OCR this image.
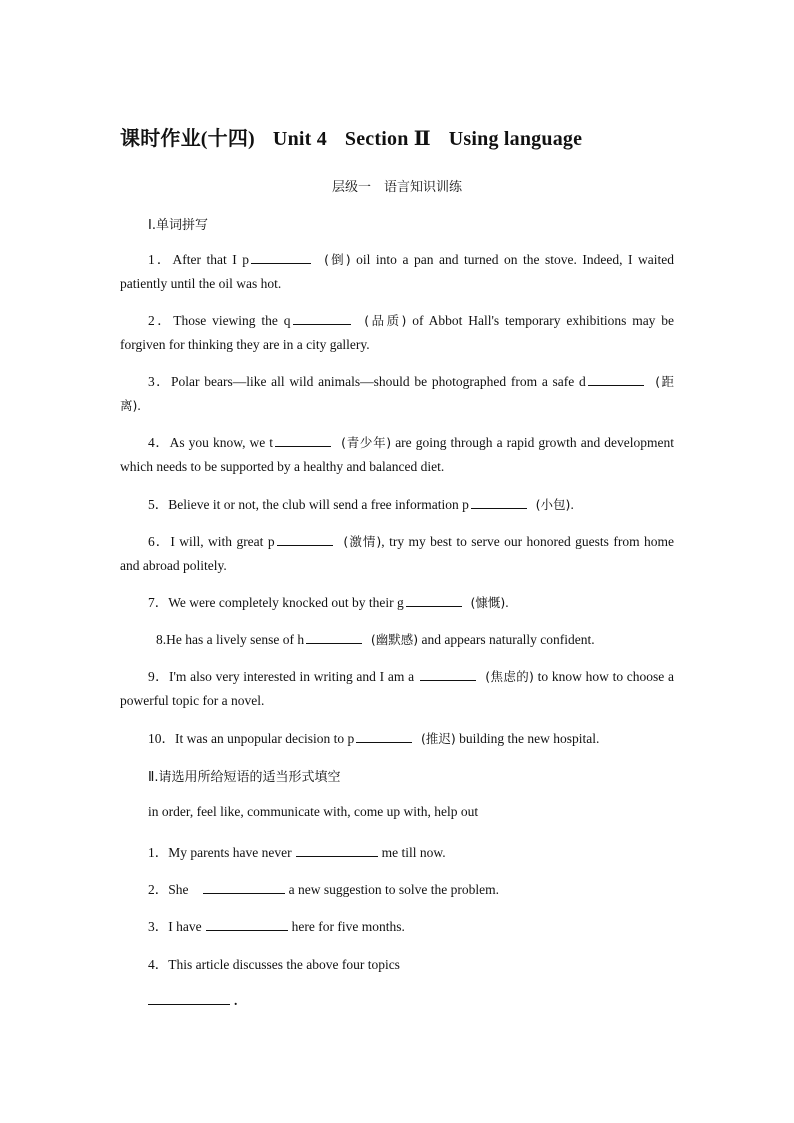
课时作业(十四) Unit 4 Section Ⅱ Using language
层级一　语言知识训练
Ⅰ.单词拼写
1．After that I p	(倒) oil into a pan and turned on the stove. Indeed, I waited patiently until the oil was hot.
2．Those viewing the q	(品质) of Abbot Hall's temporary exhibitions may be forgiven for thinking they are in a city gallery.
3．Polar bears—like all wild animals—should be photographed from a safe d	(距离).
4．As you know, we t	(青少年) are going through a rapid growth and development which needs to be supported by a healthy and balanced diet.
5．Believe it or not, the club will send a free information p	(小包).
6．I will, with great p	(激情), try my best to serve our honored guests from home and abroad politely.
7．We were completely knocked out by their g	(慷慨).
8.He has a lively sense of h	(幽默感) and appears naturally confident.
9．I'm also very interested in writing and I am a	(焦虑的) to know how to choose a powerful topic for a novel.
10．It was an unpopular decision to p	(推迟) building the new hospital.
Ⅱ.请选用所给短语的适当形式填空
in order, feel like, communicate with, come up with, help out
1．My parents have never	me till now.
2．She	a new suggestion to solve the problem.
3．I have	here for five months.
4．This article discusses the above four topics
.
